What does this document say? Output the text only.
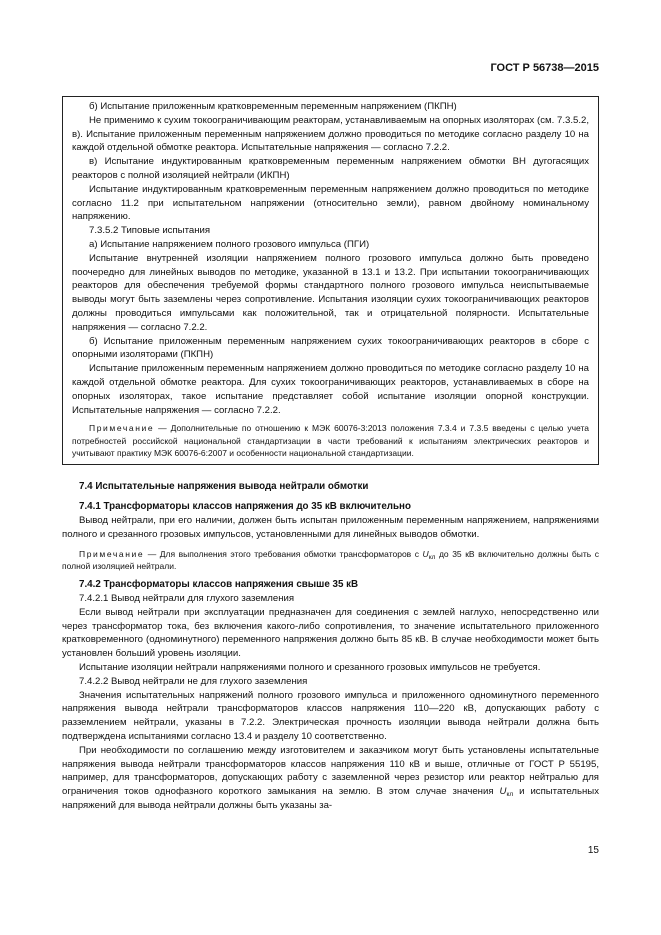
ГОСТ Р 56738—2015

б) Испытание приложенным кратковременным переменным напряжением (ПКПН)

Не применимо к сухим токоограничивающим реакторам, устанавливаемым на опорных изоляторах (см. 7.3.5.2, в). Испытание приложенным переменным напряжением должно проводиться по методике согласно разделу 10 на каждой отдельной обмотке реактора. Испытательные напряжения — согласно 7.2.2.

в) Испытание индуктированным кратковременным переменным напряжением обмотки ВН дугогасящих реакторов с полной изоляцией нейтрали (ИКПН)

Испытание индуктированным кратковременным переменным напряжением должно проводиться по методике согласно 11.2 при испытательном напряжении (относительно земли), равном двойному номинальному напряжению.

7.3.5.2 Типовые испытания

а) Испытание напряжением полного грозового импульса (ПГИ)

Испытание внутренней изоляции напряжением полного грозового импульса должно быть проведено поочередно для линейных выводов по методике, указанной в 13.1 и 13.2. При испытании токоограничивающих реакторов для обеспечения требуемой формы стандартного полного грозового импульса неиспытываемые выводы могут быть заземлены через сопротивление. Испытания изоляции сухих токоограничивающих реакторов должны проводиться импульсами как положительной, так и отрицательной полярности. Испытательные напряжения — согласно 7.2.2.

б) Испытание приложенным переменным напряжением сухих токоограничивающих реакторов в сборе с опорными изоляторами (ПКПН)

Испытание приложенным переменным напряжением должно проводиться по методике согласно разделу 10 на каждой отдельной обмотке реактора. Для сухих токоограничивающих реакторов, устанавливаемых в сборе на опорных изоляторах, такое испытание представляет собой испытание изоляции опорной конструкции. Испытательные напряжения — согласно 7.2.2.

Примечание — Дополнительные по отношению к МЭК 60076-3:2013 положения 7.3.4 и 7.3.5 введены с целью учета потребностей российской национальной стандартизации в части требований к испытаниям электрических реакторов и учитывают практику МЭК 60076-6:2007 и особенности национальной стандартизации.

7.4 Испытательные напряжения вывода нейтрали обмотки

7.4.1 Трансформаторы классов напряжения до 35 кВ включительно

Вывод нейтрали, при его наличии, должен быть испытан приложенным переменным напряжением, напряжениями полного и срезанного грозовых импульсов, установленными для линейных выводов обмотки.

Примечание — Для выполнения этого требования обмотки трансформаторов с $U_{кл}$ до 35 кВ включительно должны быть с полной изоляцией нейтрали.

7.4.2 Трансформаторы классов напряжения свыше 35 кВ

7.4.2.1 Вывод нейтрали для глухого заземления

Если вывод нейтрали при эксплуатации предназначен для соединения с землей наглухо, непосредственно или через трансформатор тока, без включения какого-либо сопротивления, то значение испытательного приложенного кратковременного (одноминутного) переменного напряжения должно быть 85 кВ. В случае необходимости может быть установлен больший уровень изоляции.

Испытание изоляции нейтрали напряжениями полного и срезанного грозовых импульсов не требуется.

7.4.2.2 Вывод нейтрали не для глухого заземления

Значения испытательных напряжений полного грозового импульса и приложенного одноминутного переменного напряжения вывода нейтрали трансформаторов классов напряжения 110—220 кВ, допускающих работу с разземлением нейтрали, указаны в 7.2.2. Электрическая прочность изоляции вывода нейтрали должна быть подтверждена испытаниями согласно 13.4 и разделу 10 соответственно.

При необходимости по соглашению между изготовителем и заказчиком могут быть установлены испытательные напряжения вывода нейтрали трансформаторов классов напряжения 110 кВ и выше, отличные от ГОСТ Р 55195, например, для трансформаторов, допускающих работу с заземленной через резистор или реактор нейтралью для ограничения токов однофазного короткого замыкания на землю. В этом случае значения $U_{кл}$ и испытательных напряжений для вывода нейтрали должны быть указаны за-

15
